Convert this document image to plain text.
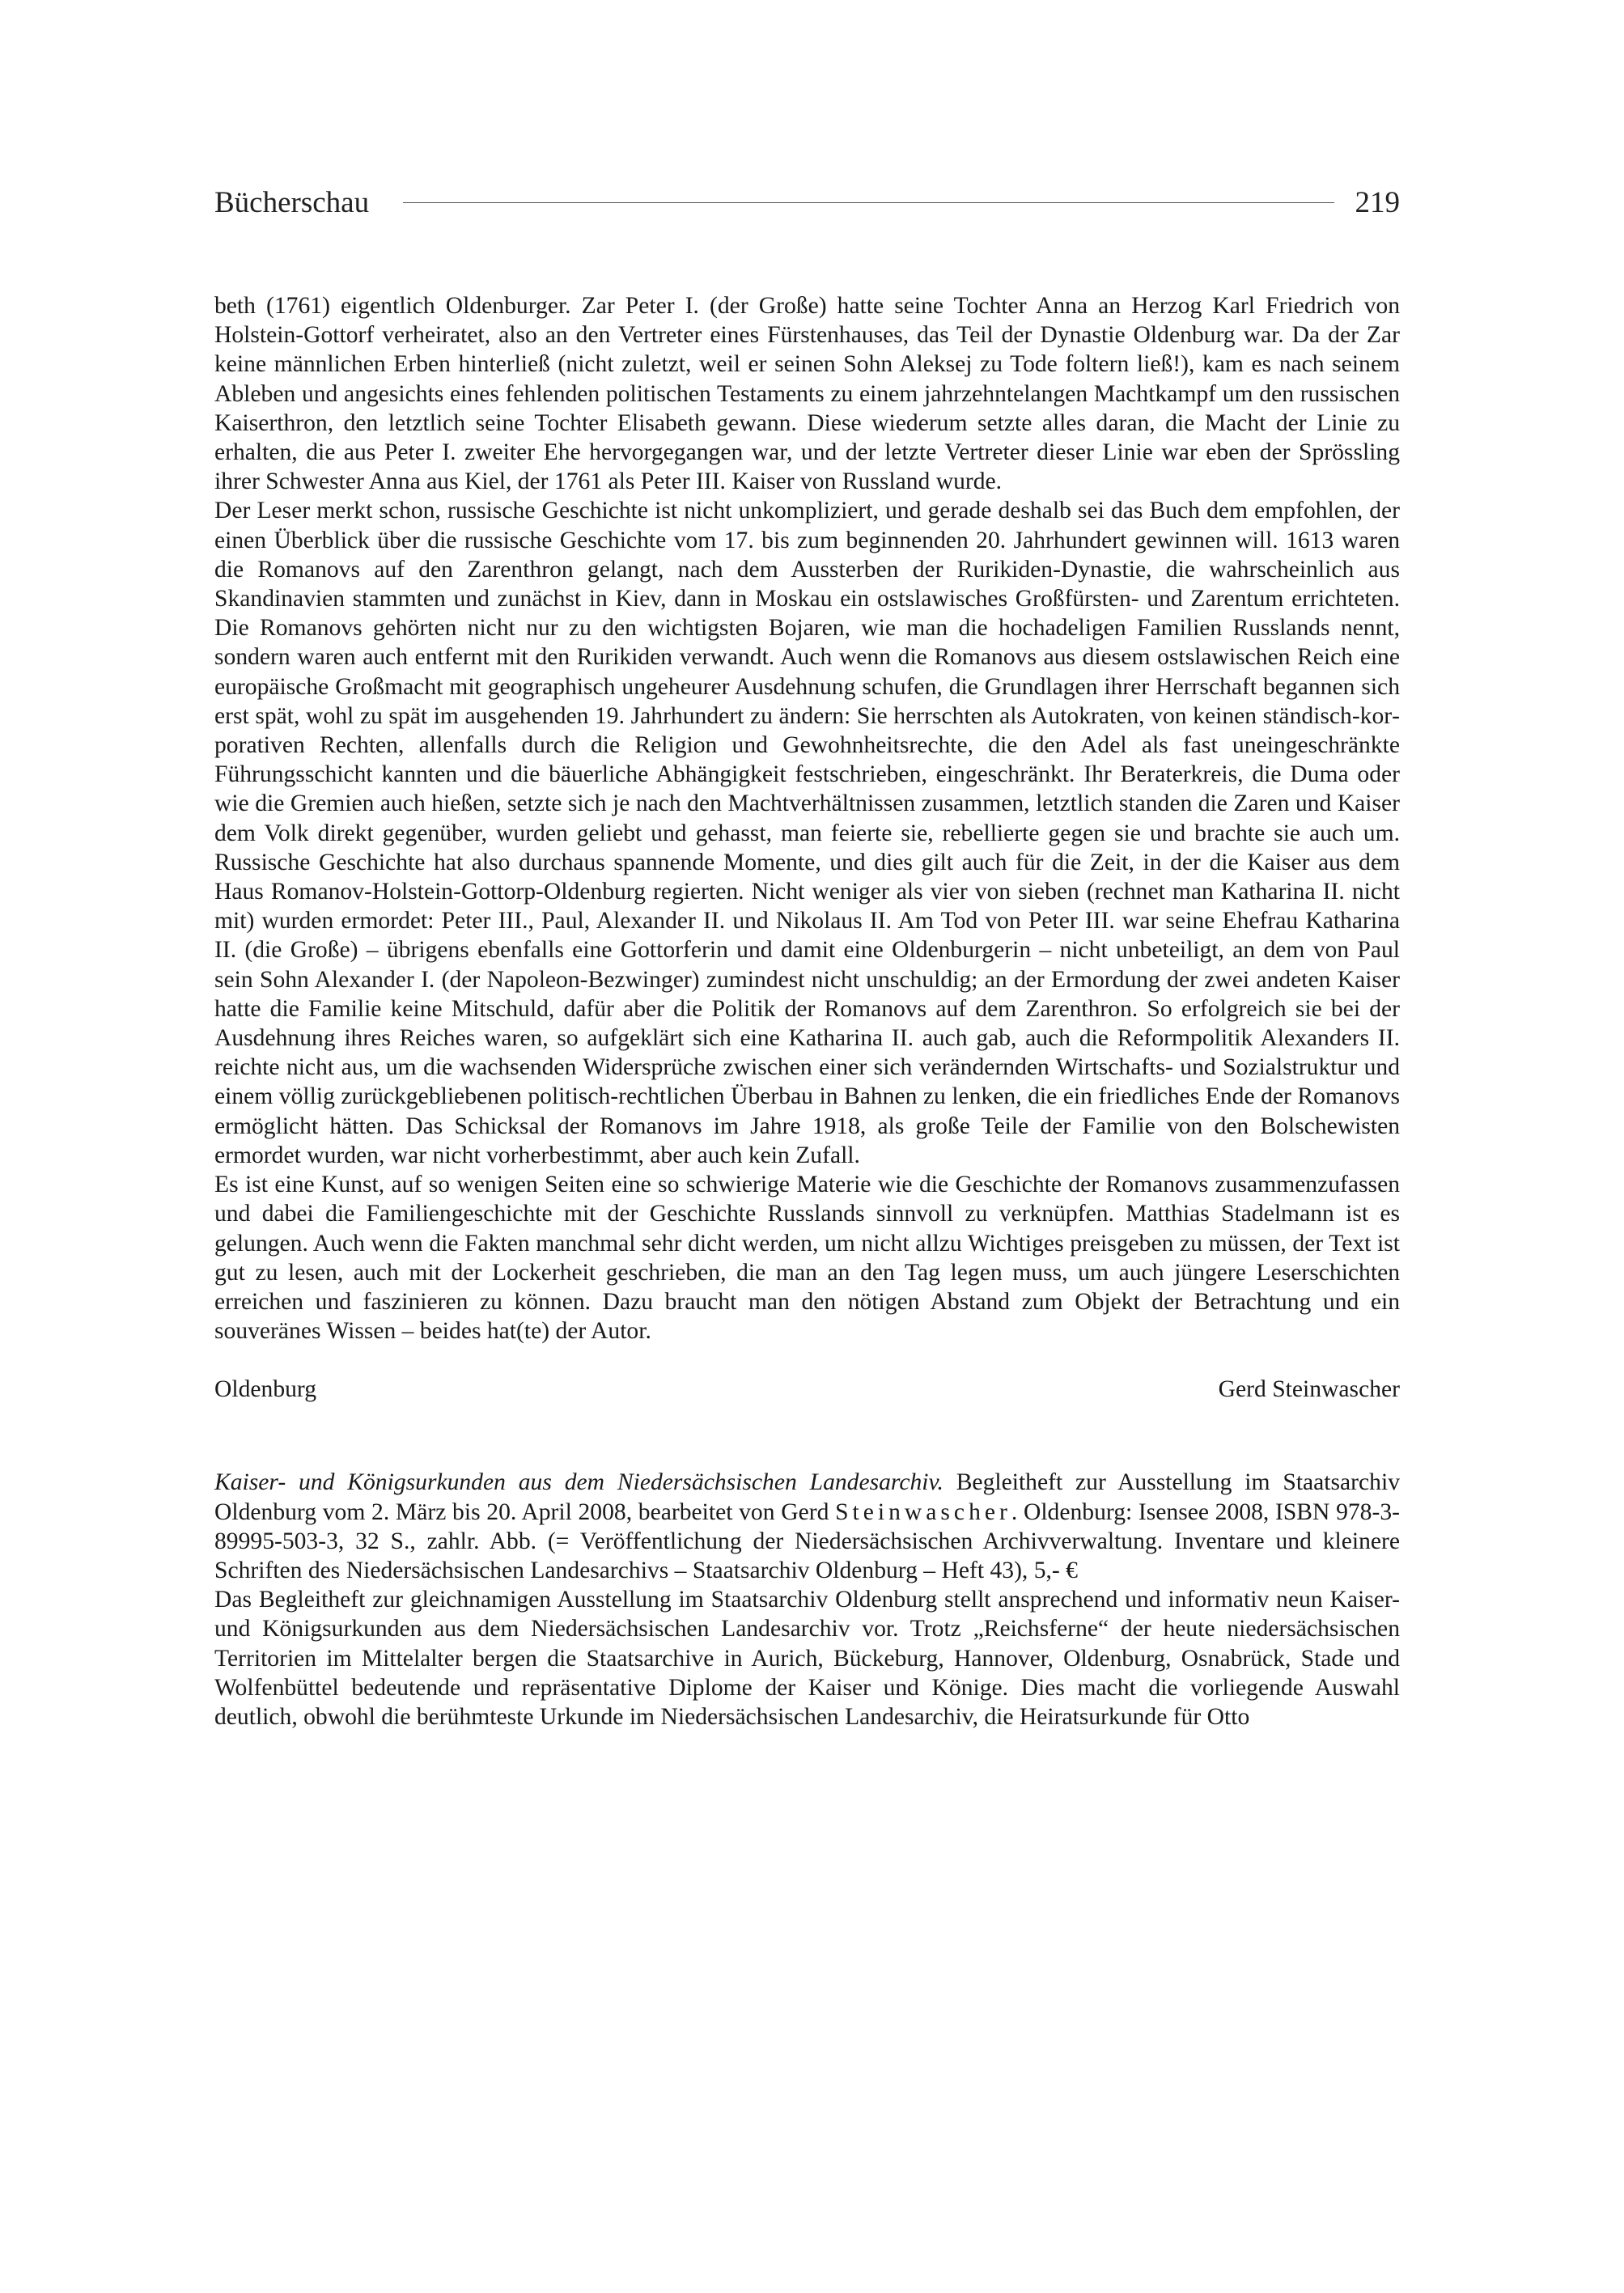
Bücherschau	219

beth (1761) eigentlich Oldenburger. Zar Peter I. (der Große) hatte seine Tochter Anna an Herzog Karl Friedrich von Holstein-Gottorf verheiratet, also an den Vertreter eines Fürstenhauses, das Teil der Dynastie Oldenburg war. Da der Zar keine männlichen Erben hinterließ (nicht zuletzt, weil er seinen Sohn Aleksej zu Tode foltern ließ!), kam es nach seinem Ableben und angesichts eines fehlenden politischen Testaments zu einem jahrzehntelangen Machtkampf um den russischen Kaiserthron, den letztlich seine Tochter Elisabeth gewann. Diese wiederum setzte alles daran, die Macht der Linie zu erhalten, die aus Peter I. zweiter Ehe hervorgegangen war, und der letzte Vertreter dieser Linie war eben der Sprössling ihrer Schwester Anna aus Kiel, der 1761 als Peter III. Kaiser von Russland wurde.

Der Leser merkt schon, russische Geschichte ist nicht unkompliziert, und gerade deshalb sei das Buch dem empfohlen, der einen Überblick über die russische Geschichte vom 17. bis zum beginnenden 20. Jahrhundert gewinnen will. 1613 waren die Romanovs auf den Zarenthron gelangt, nach dem Aussterben der Rurikiden-Dynastie, die wahrscheinlich aus Skandinavien stammten und zunächst in Kiev, dann in Moskau ein ostslawisches Großfürsten- und Zarentum errichteten. Die Romanovs gehörten nicht nur zu den wichtigsten Bojaren, wie man die hochadeligen Familien Russlands nennt, sondern waren auch entfernt mit den Rurikiden verwandt. Auch wenn die Romanovs aus diesem ostslawischen Reich eine europäische Großmacht mit geographisch ungeheurer Ausdehnung schufen, die Grundlagen ihrer Herrschaft begannen sich erst spät, wohl zu spät im ausgehenden 19. Jahrhundert zu ändern: Sie herrschten als Autokraten, von keinen ständisch-korporativen Rechten, allenfalls durch die Religion und Gewohnheitsrechte, die den Adel als fast uneingeschränkte Führungsschicht kannten und die bäuerliche Abhängigkeit festschrieben, eingeschränkt. Ihr Beraterkreis, die Duma oder wie die Gremien auch hießen, setzte sich je nach den Machtverhältnissen zusammen, letztlich standen die Zaren und Kaiser dem Volk direkt gegenüber, wurden geliebt und gehasst, man feierte sie, rebellierte gegen sie und brachte sie auch um. Russische Geschichte hat also durchaus spannende Momente, und dies gilt auch für die Zeit, in der die Kaiser aus dem Haus Romanov-Holstein-Gottorp-Oldenburg regierten. Nicht weniger als vier von sieben (rechnet man Katharina II. nicht mit) wurden ermordet: Peter III., Paul, Alexander II. und Nikolaus II. Am Tod von Peter III. war seine Ehefrau Katharina II. (die Große) – übrigens ebenfalls eine Gottorferin und damit eine Oldenburgerin – nicht unbeteiligt, an dem von Paul sein Sohn Alexander I. (der Napoleon-Bezwinger) zumindest nicht unschuldig; an der Ermordung der zwei andeten Kaiser hatte die Familie keine Mitschuld, dafür aber die Politik der Romanovs auf dem Zarenthron. So erfolgreich sie bei der Ausdehnung ihres Reiches waren, so aufgeklärt sich eine Katharina II. auch gab, auch die Reformpolitik Alexanders II. reichte nicht aus, um die wachsenden Widersprüche zwischen einer sich verändernden Wirtschafts- und Sozialstruktur und einem völlig zurückgebliebenen politisch-rechtlichen Überbau in Bahnen zu lenken, die ein friedliches Ende der Romanovs ermöglicht hätten. Das Schicksal der Romanovs im Jahre 1918, als große Teile der Familie von den Bolschewisten ermordet wurden, war nicht vorherbestimmt, aber auch kein Zufall.

Es ist eine Kunst, auf so wenigen Seiten eine so schwierige Materie wie die Geschichte der Romanovs zusammenzufassen und dabei die Familiengeschichte mit der Geschichte Russlands sinnvoll zu verknüpfen. Matthias Stadelmann ist es gelungen. Auch wenn die Fakten manchmal sehr dicht werden, um nicht allzu Wichtiges preisgeben zu müssen, der Text ist gut zu lesen, auch mit der Lockerheit geschrieben, die man an den Tag legen muss, um auch jüngere Leserschichten erreichen und faszinieren zu können. Dazu braucht man den nötigen Abstand zum Objekt der Betrachtung und ein souveränes Wissen – beides hat(te) der Autor.

Oldenburg	Gerd Steinwascher

Kaiser- und Königsurkunden aus dem Niedersächsischen Landesarchiv. Begleitheft zur Ausstellung im Staatsarchiv Oldenburg vom 2. März bis 20. April 2008, bearbeitet von Gerd Steinwascher. Oldenburg: Isensee 2008, ISBN 978-3-89995-503-3, 32 S., zahlr. Abb. (= Veröffentlichung der Niedersächsischen Archivverwaltung. Inventare und kleinere Schriften des Niedersächsischen Landesarchivs – Staatsarchiv Oldenburg – Heft 43), 5,- €

Das Begleitheft zur gleichnamigen Ausstellung im Staatsarchiv Oldenburg stellt ansprechend und informativ neun Kaiser- und Königsurkunden aus dem Niedersächsischen Landesarchiv vor. Trotz „Reichsferne“ der heute niedersächsischen Territorien im Mittelalter bergen die Staatsarchive in Aurich, Bückeburg, Hannover, Oldenburg, Osnabrück, Stade und Wolfenbüttel bedeutende und repräsentative Diplome der Kaiser und Könige. Dies macht die vorliegende Auswahl deutlich, obwohl die berühmteste Urkunde im Niedersächsischen Landesarchiv, die Heiratsurkunde für Otto
